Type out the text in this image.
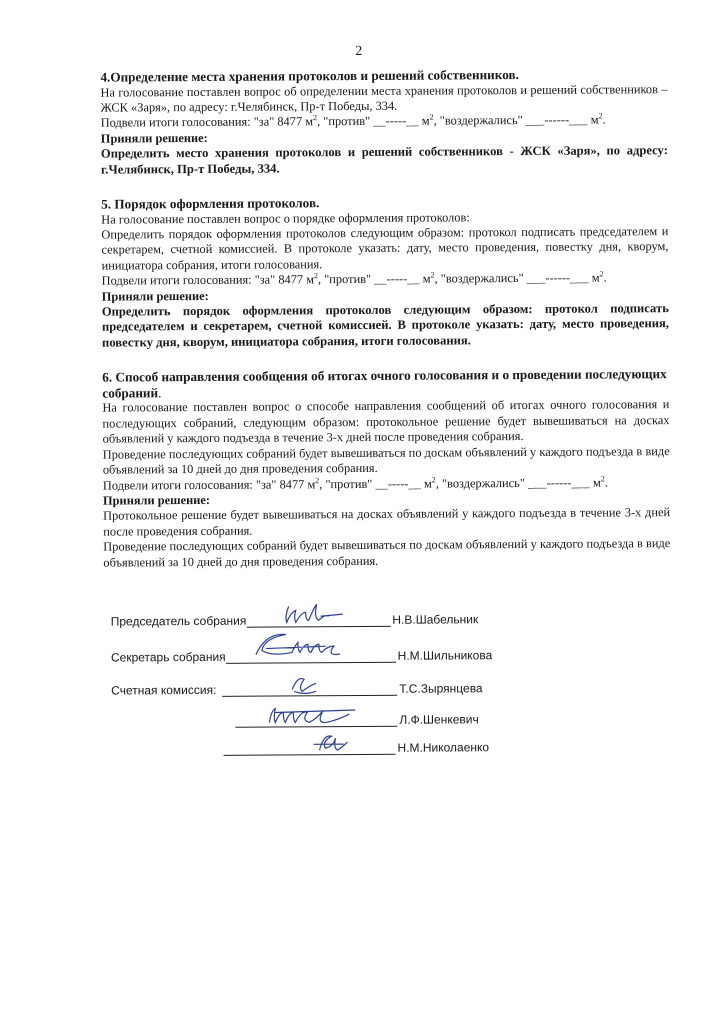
2
4.Определение места хранения протоколов и решений собственников.

На голосование поставлен вопрос об определении места хранения протоколов и решений собственников – ЖСК «Заря», по адресу: г.Челябинск, Пр-т Победы, 334.

Подвели итоги голосования: "за" 8477 $м^2$, "против" __-----__ $м^2$, "воздержались" ___------___ $м^2$.

Приняли решение:

Определить место хранения протоколов и решений собственников - ЖСК «Заря», по адресу: г.Челябинск, Пр-т Победы, 334.

5. Порядок оформления протоколов.

На голосование поставлен вопрос о порядке оформления протоколов:

Определить порядок оформления протоколов следующим образом: протокол подписать председателем и секретарем, счетной комиссией. В протоколе указать: дату, место проведения, повестку дня, кворум, инициатора собрания, итоги голосования.

Подвели итоги голосования: "за" 8477 $м^2$, "против" __-----__ $м^2$, "воздержались" ___------___ $м^2$.

Приняли решение:

Определить порядок оформления протоколов следующим образом: протокол подписать председателем и секретарем, счетной комиссией. В протоколе указать: дату, место проведения, повестку дня, кворум, инициатора собрания, итоги голосования.

6. Способ направления сообщения об итогах очного голосования и о проведении последующих собраний.

На голосование поставлен вопрос о способе направления сообщений об итогах очного голосования и последующих собраний, следующим образом: протокольное решение будет вывешиваться на досках объявлений у каждого подъезда в течение 3-х дней после проведения собрания.

Проведение последующих собраний будет вывешиваться по доскам объявлений у каждого подъезда в виде объявлений за 10 дней до дня проведения собрания.

Подвели итоги голосования: "за" 8477 $м^2$, "против" __-----__ $м^2$, "воздержались" ___------___ $м^2$.

Приняли решение:

Протокольное решение будет вывешиваться на досках объявлений у каждого подъезда в течение 3-х дней после проведения собрания.

Проведение последующих собраний будет вывешиваться по доскам объявлений у каждого подъезда в виде объявлений за 10 дней до дня проведения собрания.

Председатель собрания	Н.В.Шабельник
Секретарь собрания	Н.М.Шильникова
Счетная комиссия:	Т.С.Зырянцева
Л.Ф.Шенкевич
Н.М.Николаенко
